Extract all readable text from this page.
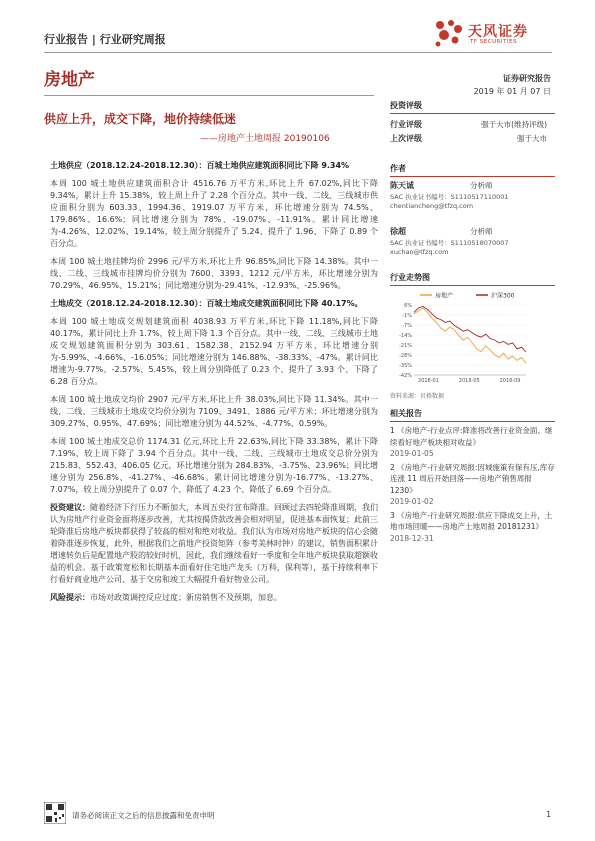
行业报告 | 行业研究周报	天风证券
TF SECURITIES
房地产	证券研究报告
2019 年 01 月 07 日
供应上升，成交下降，地价持续低迷
——房地产土地周报 20190106

土地供应（2018.12.24-2018.12.30）：百城土地供应建筑面积同比下降 9.34%

本周 100 城土地供应建筑面积合计 4516.76 万平方米,环比上升 67.02%,同比下降 9.34%，累计上升 15.38%，较上周上升了 2.28 个百分点。其中一线、二线、三线城市供应面积分别为 603.33、1994.36、1919.07 万平方米，环比增速分别为 74.5%、179.86%、16.6%；同比增速分别为 78%、-19.07%、-11.91%。累计同比增速为-4.26%、12.02%、19.14%，较上周分别提升了 5.24、提升了 1.96、下降了 0.89 个百分点。

本周 100 城土地挂牌均价 2996 元/平方米,环比上升 96.85%,同比下降 14.38%。其中一线、二线、三线城市挂牌均价分别为 7600、3393、1212 元/平方米，环比增速分别为 70.29%、46.95%、15.21%；同比增速分别为-29.41%、-12.93%、-25.96%。

土地成交（2018.12.24-2018.12.30）：百城土地成交建筑面积同比下降 40.17%。

本周 100 城土地成交规划建筑面积 4038.93 万平方米,环比下降 11.18%,同比下降 40.17%，累计同比上升 1.7%，较上周下降 1.3 个百分点。其中一线、二线、三线城市土地成交规划建筑面积分别为 303.61、1582.38、2152.94 万平方米，环比增速分别为-5.99%、-4.66%、-16.05%；同比增速分别为 146.88%、-38.33%、-47%。累计同比增速为-9.77%、-2.57%、5.45%，较上周分别降低了 0.23 个、提升了 3.93 个、下降了 6.28 百分点。

本周 100 城土地成交均价 2907 元/平方米,环比上升 38.03%,同比下降 11.34%。其中一线、二线、三线城市土地成交均价分别为 7109、3491、1886 元/平方米；环比增速分别为 309.27%、0.95%、47.69%；同比增速分别为 44.52%、-4.77%、0.59%。

本周 100 城土地成交总价 1174.31 亿元,环比上升 22.63%,同比下降 33.38%，累计下降 7.19%，较上周下降了 3.94 个百分点。其中一线、二线、三线城市土地成交总价分别为 215.83、552.43、406.05 亿元，环比增速分别为 284.83%、-3.75%、23.96%；同比增速分别为 256.8%、-41.27%、-46.68%。累计同比增速分别为-16.77%、-13.27%、7.07%，较上周分别提升了 0.07 个、降低了 4.23 个、降低了 6.69 个百分点。

投资建议：随着经济下行压力不断加大，本周五央行宣布降准。回顾过去四轮降准周期，我们认为房地产行业资金面将逐步改善，尤其按揭贷款改善会相对明显，促进基本面恢复；此前三轮降准后房地产板块都获得了较高的相对和绝对收益。我们认为市场对房地产板块的信心会随着降准逐步恢复，此外，根据我们之前地产投资矩阵（参考美林时钟）的建议，销售面积累计增速转负后是配置地产股的较好时机，因此，我们继续看好一季度和全年地产板块获取超额收益的机会。基于政策宽松和长期基本面看好住宅地产龙头（万科、保利等），基于持续利率下行看好商业地产公司、基于交房和竣工大幅提升看好物业公司。

风险提示：市场对政策调控反应过度；新房销售不及预期，加息。

投资评级
行业评级	强于大市(维持评级)
上次评级	强于大市
作者
陈天诚	分析师
SAC 执业证书编号：S1110517110001
chentiancheng@tfzq.com
徐超	分析师
SAC 执业证书编号：S1110518070007
xuchao@tfzq.com
行业走势图
房地产	沪深300
6%
-1%
-7%
-14%
-21%
-28%
-35%
-42%
2018-01	2018-05	2018-09
资料来源：贝格数据
相关报告
1 《房地产-行业点评:降准将改善行业资金面、继续看好地产板块相对收益》
2019-01-05
2 《房地产-行业研究周报:因城施策有保有压,库存连涨 11 周后开始回落——房地产销售周报 1230》
2019-01-02
3 《房地产-行业研究周报:供应下降成交上升，土地市场回暖——房地产土地周报 20181231》
2018-12-31
请务必阅读正文之后的信息披露和免责申明	1
